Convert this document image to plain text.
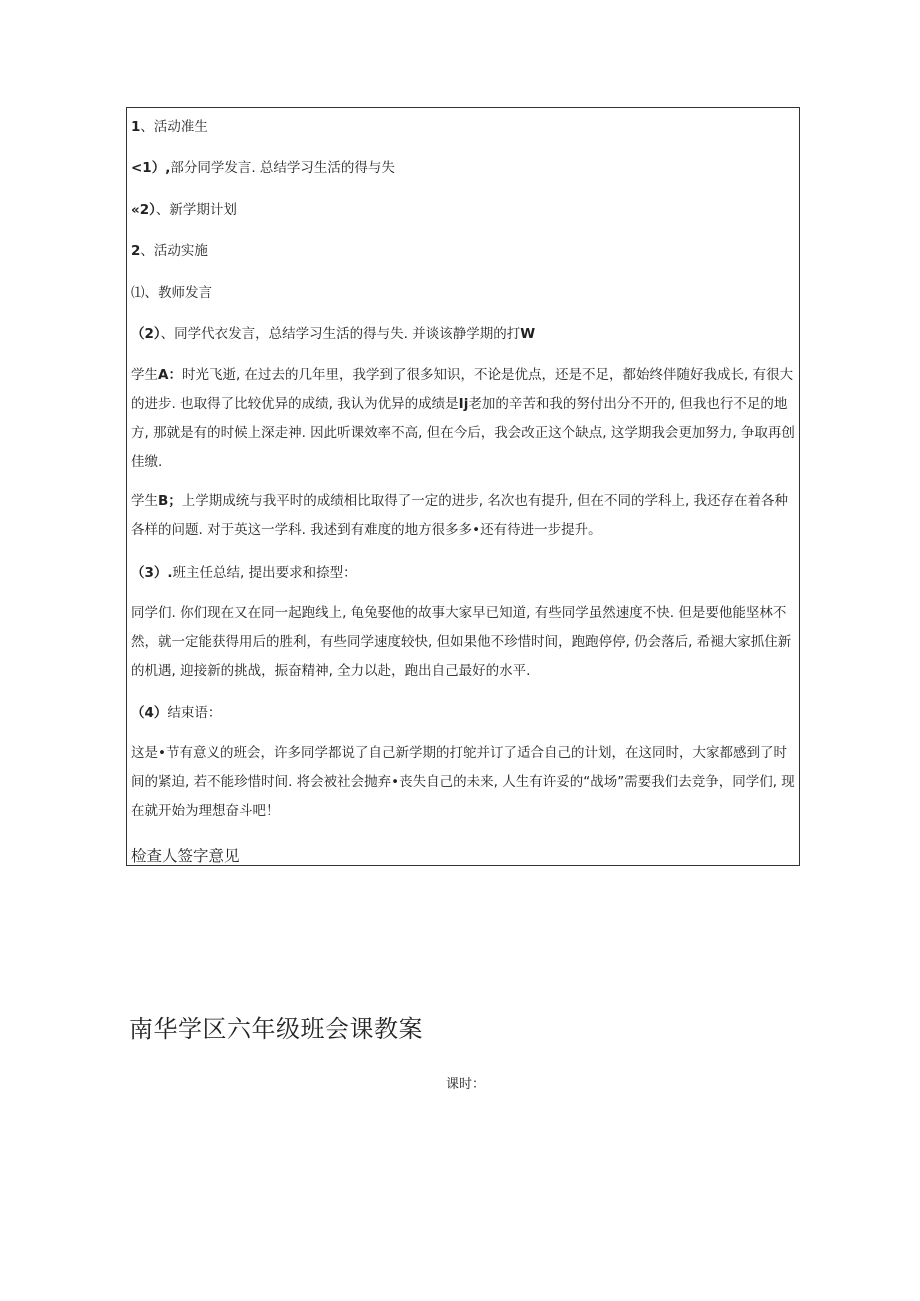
1、活动准生

<1）,部分同学发言. 总结学习生活的得与失

«2）、新学期计划

2、活动实施

⑴、教师发言

（2）、同学代衣发言，总结学习生活的得与失. 并谈该静学期的打W

学生A：时光飞逝, 在过去的几年里，我学到了很多知识，不论是优点，还是不足，都始终伴随好我成长, 有很大的进步. 也取得了比较优异的成绩, 我认为优异的成绩是Ij老加的辛苦和我的努付出分不开的, 但我也行不足的地方, 那就是有的时候上深走神. 因此听课效率不高, 但在今后，我会改正这个缺点, 这学期我会更加努力, 争取再创佳缴.

学生B；上学期成统与我平时的成绩相比取得了一定的进步, 名次也有提升, 但在不同的学科上, 我还存在着各种各样的问题. 对于英这一学科. 我述到有难度的地方很多多•还有待进一步提升。

（3）.班主任总结, 提出要求和捺型：

同学们. 你们现在又在同一起跑线上, 龟兔娶他的故事大家早已知道, 有些同学虽然速度不快. 但是要他能坚林不然，就一定能获得用后的胜利，有些同学速度较快, 但如果他不珍惜时间，跑跑停停, 仍会落后, 希褪大家抓住新的机遇, 迎接新的挑战，振奋精神, 全力以赴，跑出自己最好的水平.

（4）结束语：

这是•节有意义的班会，许多同学都说了自己新学期的打鸵并订了适合自己的计划，在这同时，大家都感到了时间的紧迫, 若不能珍惜时间. 将会被社会抛弃•丧失自己的未来, 人生有许妥的“战场”需要我们去竞争，同学们, 现在就开始为理想奋斗吧！

检查人签字意见

南华学区六年级班会课教案

课时：
